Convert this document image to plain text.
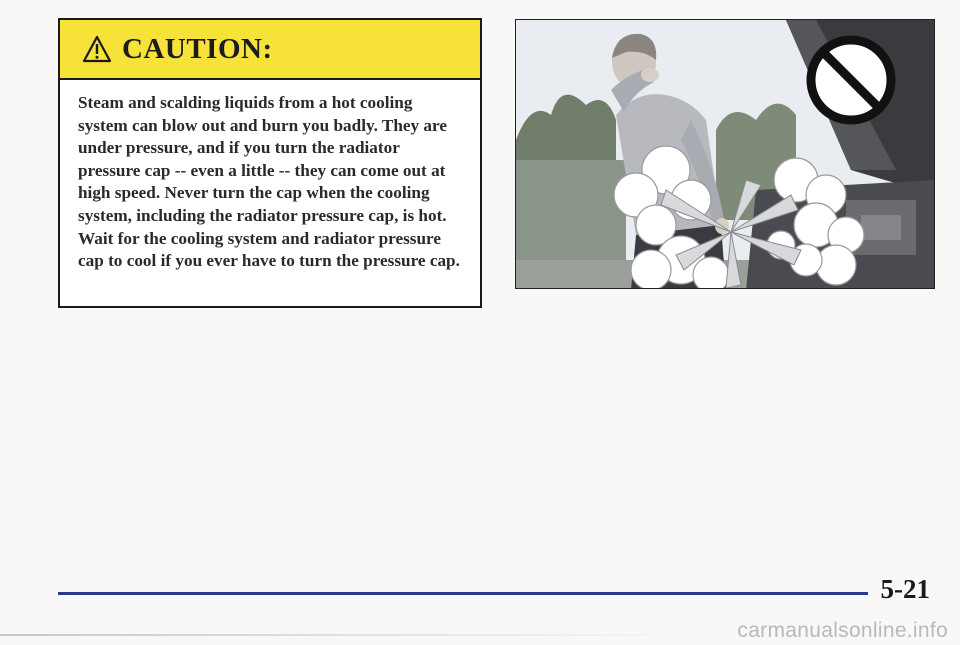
CAUTION:
Steam and scalding liquids from a hot cooling system can blow out and burn you badly. They are under pressure, and if you turn the radiator pressure cap -- even a little -- they can come out at high speed. Never turn the cap when the cooling system, including the radiator pressure cap, is hot. Wait for the cooling system and radiator pressure cap to cool if you ever have to turn the pressure cap.
5-21
carmanualsonline.info
